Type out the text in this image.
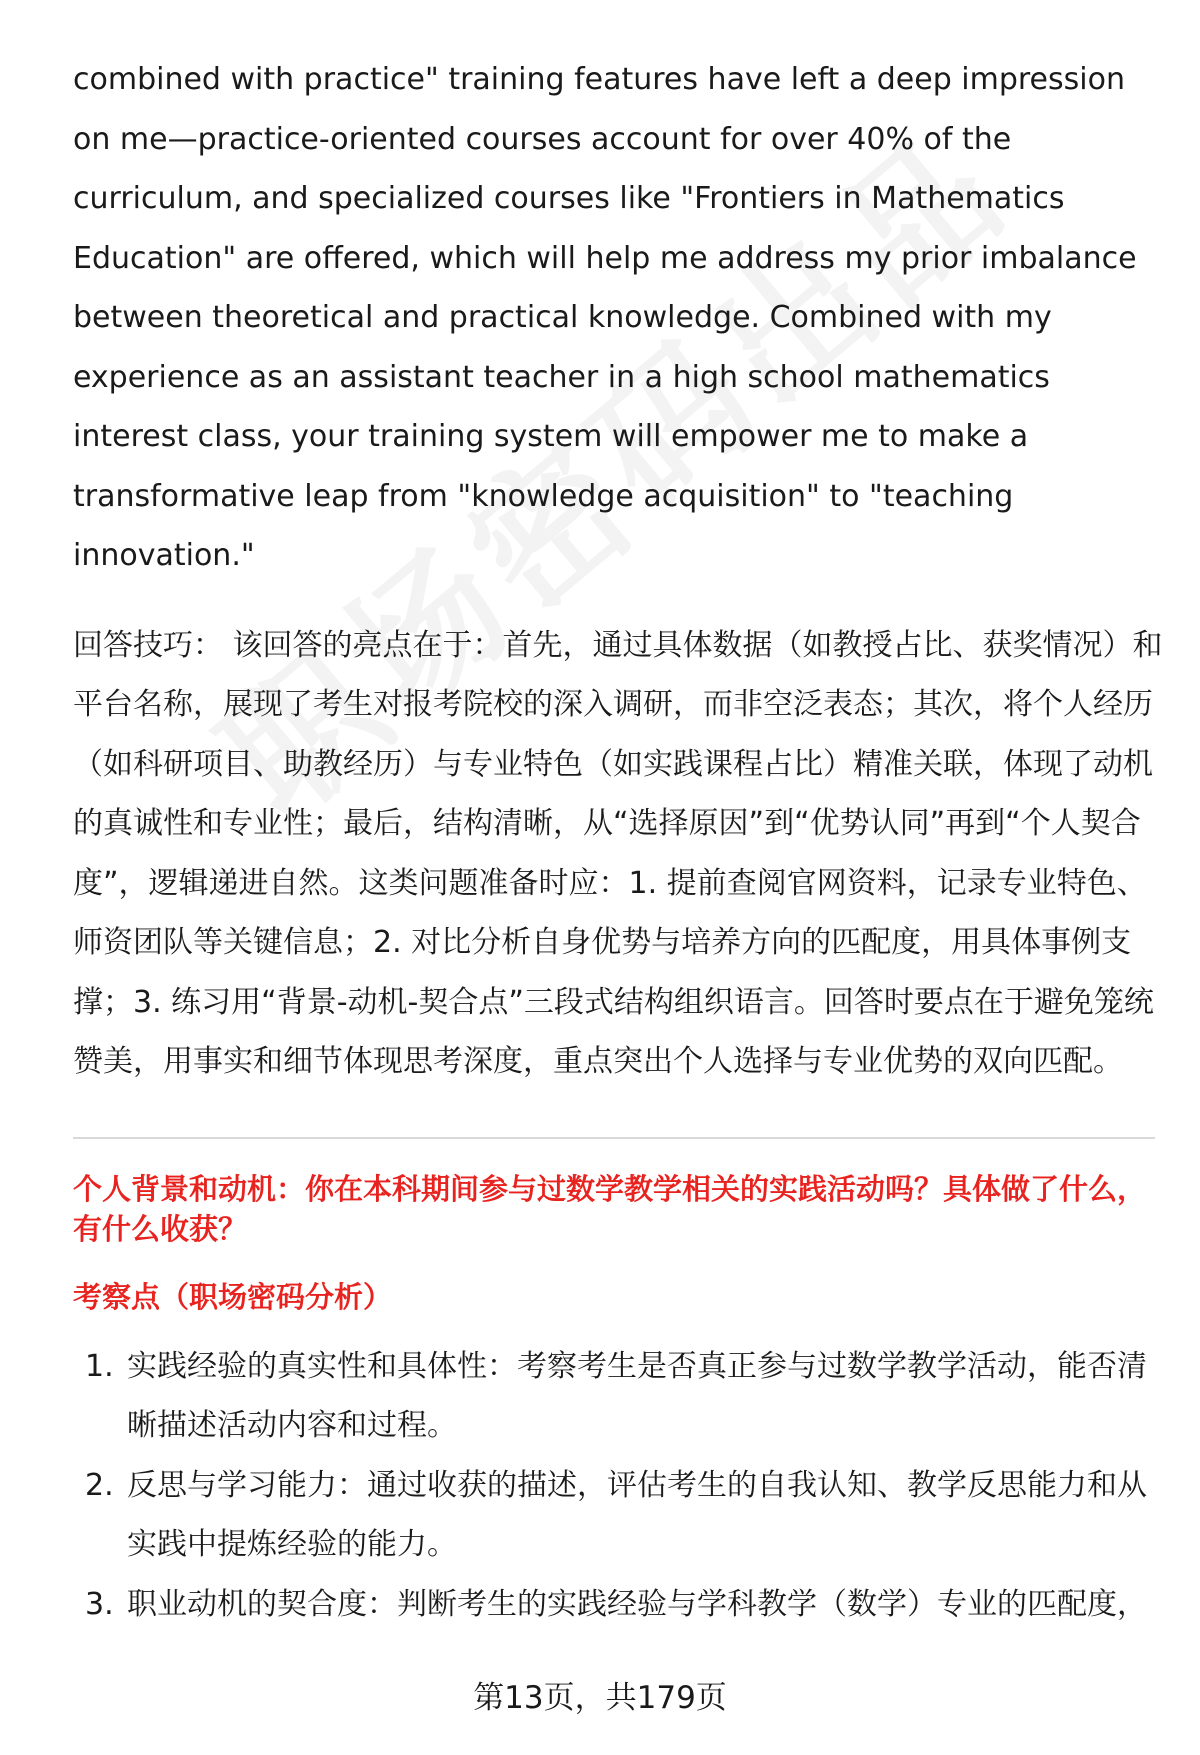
combined with practice" training features have left a deep impression on me—practice-oriented courses account for over 40% of the curriculum, and specialized courses like "Frontiers in Mathematics Education" are offered, which will help me address my prior imbalance between theoretical and practical knowledge. Combined with my experience as an assistant teacher in a high school mathematics interest class, your training system will empower me to make a transformative leap from "knowledge acquisition" to "teaching innovation."

回答技巧： 该回答的亮点在于：首先，通过具体数据（如教授占比、获奖情况）和平台名称，展现了考生对报考院校的深入调研，而非空泛表态；其次，将个人经历（如科研项目、助教经历）与专业特色（如实践课程占比）精准关联，体现了动机的真诚性和专业性；最后，结构清晰，从“选择原因”到“优势认同”再到“个人契合度”，逻辑递进自然。这类问题准备时应：1. 提前查阅官网资料，记录专业特色、师资团队等关键信息；2. 对比分析自身优势与培养方向的匹配度，用具体事例支撑；3. 练习用“背景-动机-契合点”三段式结构组织语言。回答时要点在于避免笼统赞美，用事实和细节体现思考深度，重点突出个人选择与专业优势的双向匹配。

个人背景和动机：你在本科期间参与过数学教学相关的实践活动吗？具体做了什么，有什么收获？
考察点（职场密码分析）
1. 实践经验的真实性和具体性：考察考生是否真正参与过数学教学活动，能否清晰描述活动内容和过程。
2. 反思与学习能力：通过收获的描述，评估考生的自我认知、教学反思能力和从实践中提炼经验的能力。
3. 职业动机的契合度：判断考生的实践经验与学科教学（数学）专业的匹配度，
第13页，共179页
